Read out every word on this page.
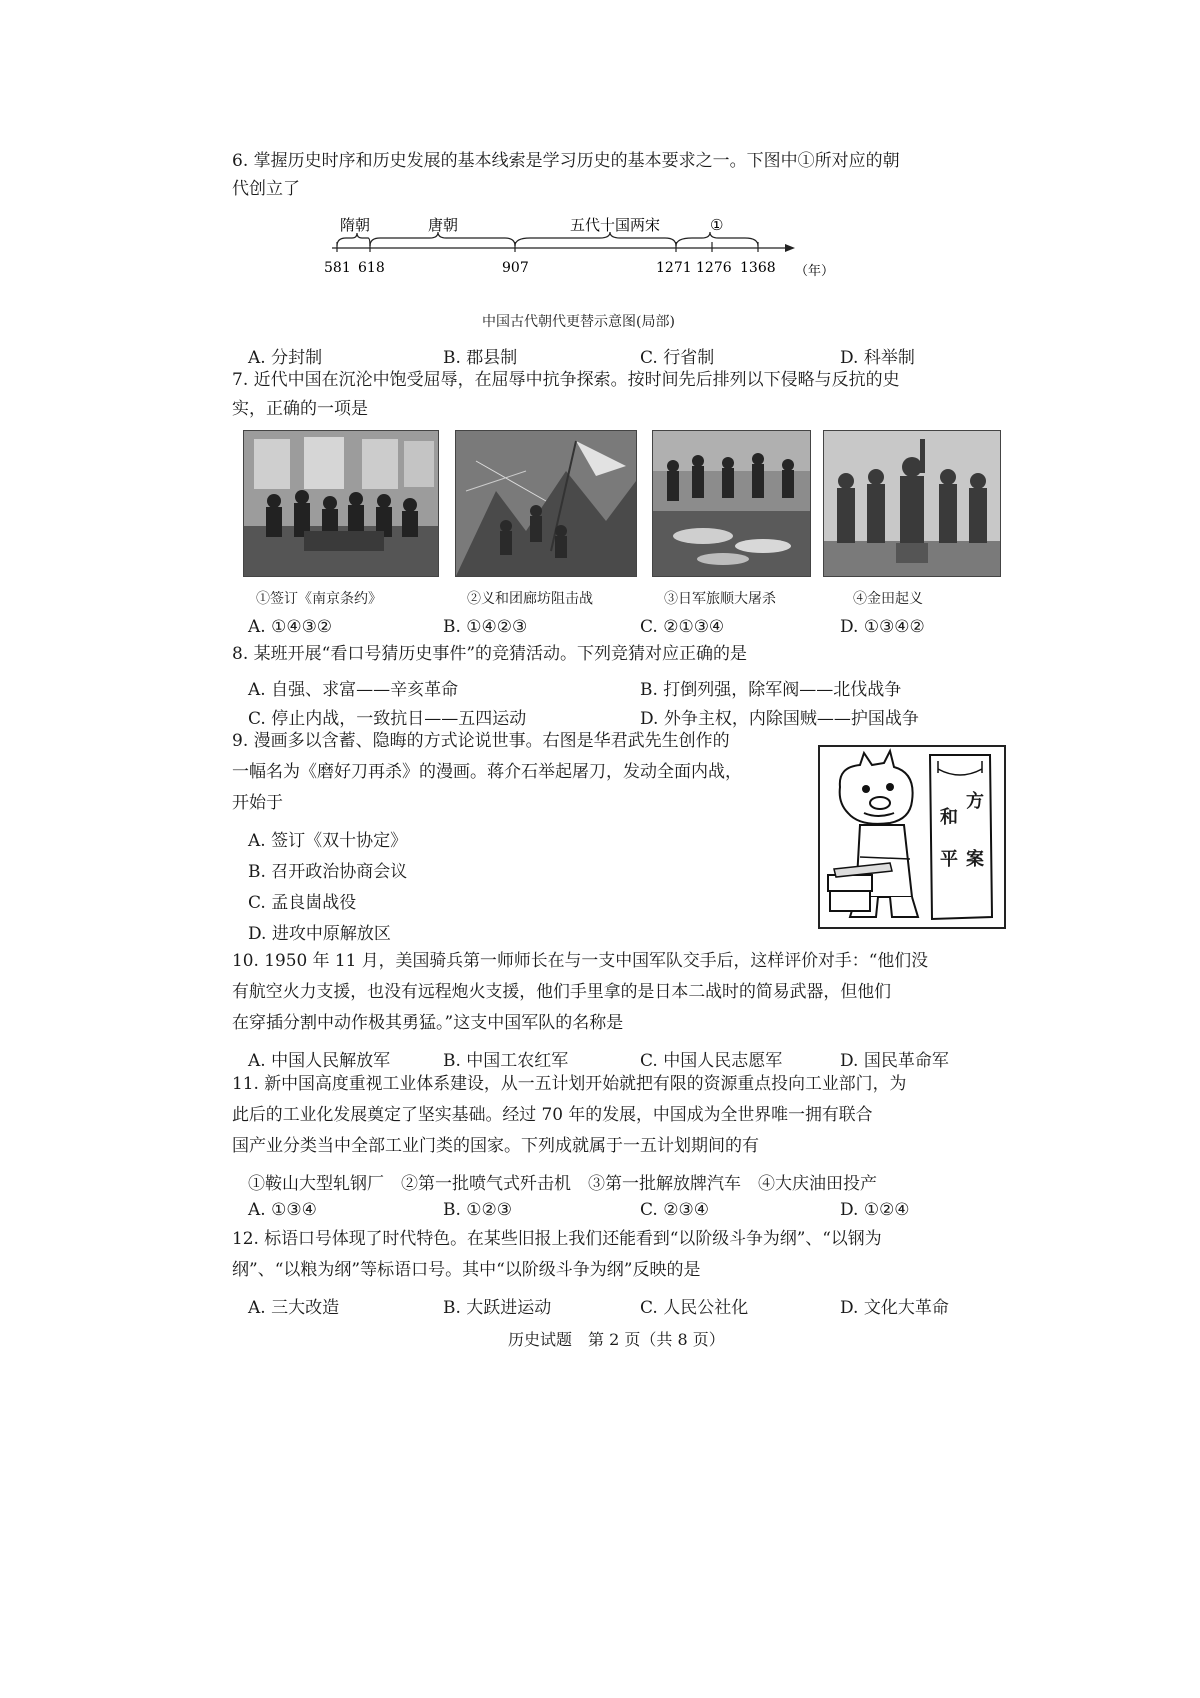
6. 掌握历史时序和历史发展的基本线索是学习历史的基本要求之一。下图中①所对应的朝
代创立了
隋朝	唐朝	五代十国两宋	①
581 618	907	1271 1276 1368 （年）
中国古代朝代更替示意图(局部)
A. 分封制	B. 郡县制	C. 行省制	D. 科举制
7. 近代中国在沉沦中饱受屈辱，在屈辱中抗争探索。按时间先后排列以下侵略与反抗的史
实，正确的一项是
①签订《南京条约》	②义和团廊坊阻击战	③日军旅顺大屠杀	④金田起义
A. ①④③②	B. ①④②③	C. ②①③④	D. ①③④②
8. 某班开展“看口号猜历史事件”的竞猜活动。下列竞猜对应正确的是
A. 自强、求富——辛亥革命	B. 打倒列强，除军阀——北伐战争
C. 停止内战，一致抗日——五四运动	D. 外争主权，内除国贼——护国战争
9. 漫画多以含蓄、隐晦的方式论说世事。右图是华君武先生创作的
一幅名为《磨好刀再杀》的漫画。蒋介石举起屠刀，发动全面内战，
开始于
A. 签订《双十协定》
B. 召开政治协商会议
C. 孟良崮战役
D. 进攻中原解放区
和
平
方
案
10. 1950 年 11 月，美国骑兵第一师师长在与一支中国军队交手后，这样评价对手：“他们没
有航空火力支援，也没有远程炮火支援，他们手里拿的是日本二战时的简易武器，但他们
在穿插分割中动作极其勇猛。”这支中国军队的名称是
A. 中国人民解放军	B. 中国工农红军	C. 中国人民志愿军	D. 国民革命军
11. 新中国高度重视工业体系建设，从一五计划开始就把有限的资源重点投向工业部门，为
此后的工业化发展奠定了坚实基础。经过 70 年的发展，中国成为全世界唯一拥有联合
国产业分类当中全部工业门类的国家。下列成就属于一五计划期间的有
①鞍山大型轧钢厂　②第一批喷气式歼击机　③第一批解放牌汽车　④大庆油田投产
A. ①③④	B. ①②③	C. ②③④	D. ①②④
12. 标语口号体现了时代特色。在某些旧报上我们还能看到“以阶级斗争为纲”、“以钢为
纲”、“以粮为纲”等标语口号。其中“以阶级斗争为纲”反映的是
A. 三大改造	B. 大跃进运动	C. 人民公社化	D. 文化大革命
历史试题　第 2 页（共 8 页）
